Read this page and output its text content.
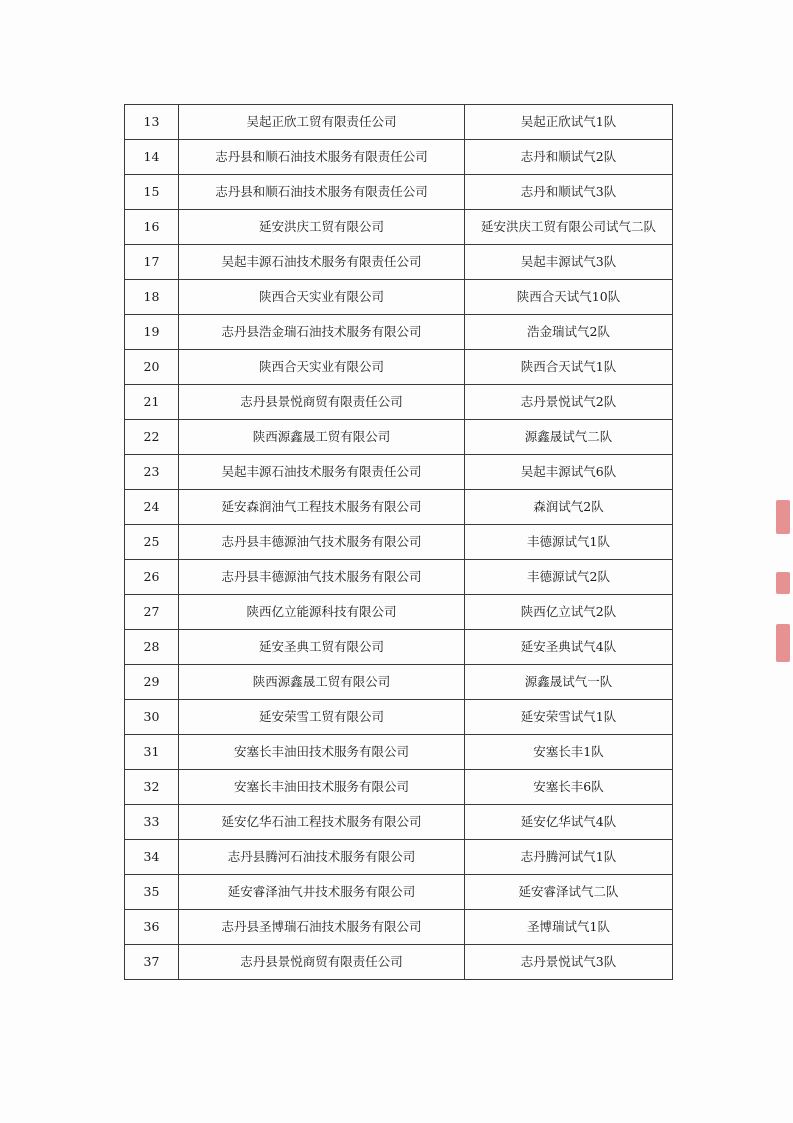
13	吴起正欣工贸有限责任公司	吴起正欣试气1队
14	志丹县和顺石油技术服务有限责任公司	志丹和顺试气2队
15	志丹县和顺石油技术服务有限责任公司	志丹和顺试气3队
16	延安洪庆工贸有限公司	延安洪庆工贸有限公司试气二队
17	吴起丰源石油技术服务有限责任公司	吴起丰源试气3队
18	陕西合天实业有限公司	陕西合天试气10队
19	志丹县浩金瑞石油技术服务有限公司	浩金瑞试气2队
20	陕西合天实业有限公司	陕西合天试气1队
21	志丹县景悦商贸有限责任公司	志丹景悦试气2队
22	陕西源鑫晟工贸有限公司	源鑫晟试气二队
23	吴起丰源石油技术服务有限责任公司	吴起丰源试气6队
24	延安森润油气工程技术服务有限公司	森润试气2队
25	志丹县丰德源油气技术服务有限公司	丰德源试气1队
26	志丹县丰德源油气技术服务有限公司	丰德源试气2队
27	陕西亿立能源科技有限公司	陕西亿立试气2队
28	延安圣典工贸有限公司	延安圣典试气4队
29	陕西源鑫晟工贸有限公司	源鑫晟试气一队
30	延安荣雪工贸有限公司	延安荣雪试气1队
31	安塞长丰油田技术服务有限公司	安塞长丰1队
32	安塞长丰油田技术服务有限公司	安塞长丰6队
33	延安亿华石油工程技术服务有限公司	延安亿华试气4队
34	志丹县腾河石油技术服务有限公司	志丹腾河试气1队
35	延安睿泽油气井技术服务有限公司	延安睿泽试气二队
36	志丹县圣博瑞石油技术服务有限公司	圣博瑞试气1队
37	志丹县景悦商贸有限责任公司	志丹景悦试气3队
